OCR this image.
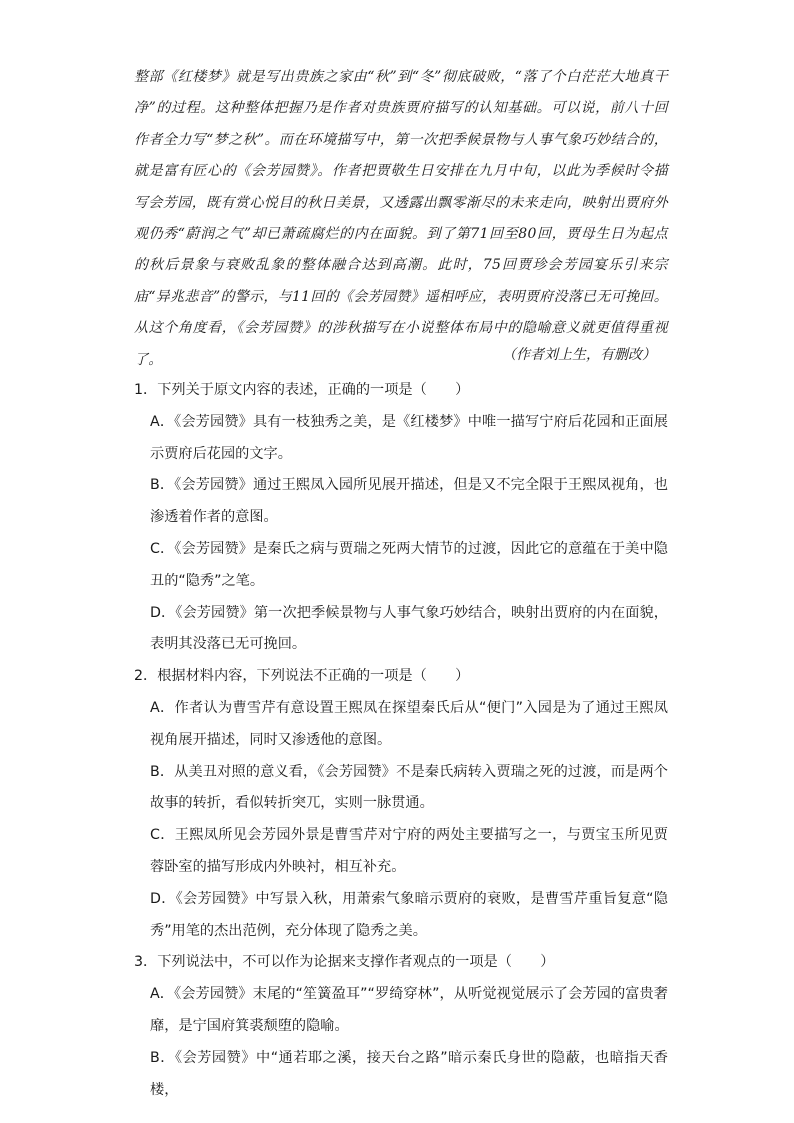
整部《红楼梦》就是写出贵族之家由“秋”到“冬”彻底破败，“落了个白茫茫大地真干净”的过程。这种整体把握乃是作者对贵族贾府描写的认知基础。可以说，前八十回作者全力写“梦之秋”。而在环境描写中，第一次把季候景物与人事气象巧妙结合的，就是富有匠心的《会芳园赞》。作者把贾敬生日安排在九月中旬，以此为季候时令描写会芳园，既有赏心悦目的秋日美景，又透露出飘零渐尽的未来走向，映射出贾府外观仍秀“蔚润之气”却已萧疏腐烂的内在面貌。到了第71回至80回，贾母生日为起点的秋后景象与衰败乱象的整体融合达到高潮。此时，75回贾珍会芳园宴乐引来宗庙“异兆悲音”的警示，与11回的《会芳园赞》遥相呼应，表明贾府没落已无可挽回。从这个角度看，《会芳园赞》的涉秋描写在小说整体布局中的隐喻意义就更值得重视了。	（作者刘上生，有删改）

1．下列关于原文内容的表述，正确的一项是（　　）

A．《会芳园赞》具有一枝独秀之美，是《红楼梦》中唯一描写宁府后花园和正面展示贾府后花园的文字。

B．《会芳园赞》通过王熙凤入园所见展开描述，但是又不完全限于王熙凤视角，也渗透着作者的意图。

C．《会芳园赞》是秦氏之病与贾瑞之死两大情节的过渡，因此它的意蕴在于美中隐丑的“隐秀”之笔。

D．《会芳园赞》第一次把季候景物与人事气象巧妙结合，映射出贾府的内在面貌，表明其没落已无可挽回。

2．根据材料内容，下列说法不正确的一项是（　　）

A．作者认为曹雪芹有意设置王熙凤在探望秦氏后从“便门”入园是为了通过王熙凤视角展开描述，同时又渗透他的意图。

B．从美丑对照的意义看，《会芳园赞》不是秦氏病转入贾瑞之死的过渡，而是两个故事的转折，看似转折突兀，实则一脉贯通。

C．王熙凤所见会芳园外景是曹雪芹对宁府的两处主要描写之一，与贾宝玉所见贾蓉卧室的描写形成内外映衬，相互补充。

D．《会芳园赞》中写景入秋，用萧索气象暗示贾府的衰败，是曹雪芹重旨复意“隐秀”用笔的杰出范例，充分体现了隐秀之美。

3．下列说法中，不可以作为论据来支撑作者观点的一项是（　　）

A．《会芳园赞》末尾的“笙簧盈耳”“罗绮穿林”，从听觉视觉展示了会芳园的富贵奢靡，是宁国府箕裘颓堕的隐喻。

B．《会芳园赞》中“通若耶之溪，接天台之路”暗示秦氏身世的隐蔽，也暗指天香楼，
